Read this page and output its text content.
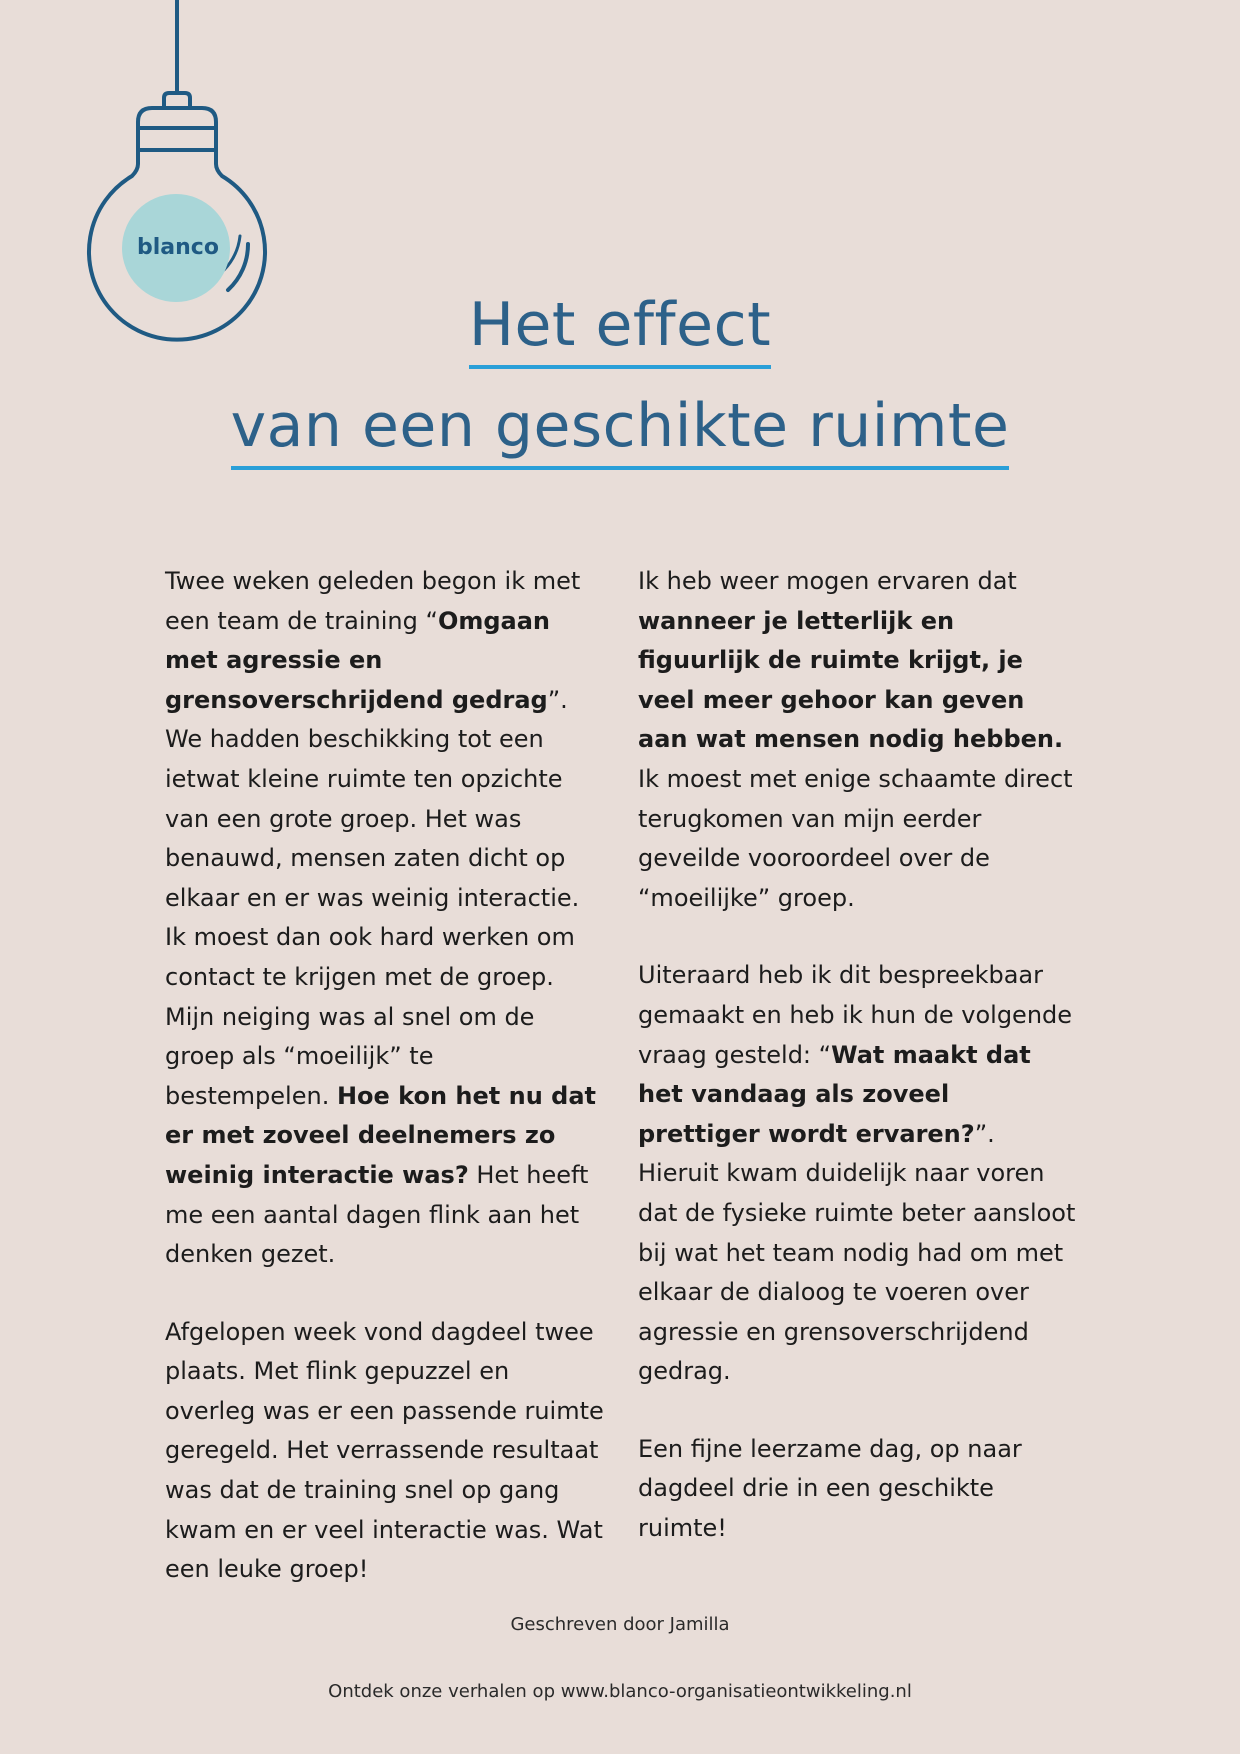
blanco
Het effect
van een geschikte ruimte

Twee weken geleden begon ik met een team de training “Omgaan met agressie en grensoverschrijdend gedrag”. We hadden beschikking tot een ietwat kleine ruimte ten opzichte van een grote groep. Het was benauwd, mensen zaten dicht op elkaar en er was weinig interactie. Ik moest dan ook hard werken om contact te krijgen met de groep. Mijn neiging was al snel om de groep als “moeilijk” te bestempelen. Hoe kon het nu dat er met zoveel deelnemers zo weinig interactie was? Het heeft me een aantal dagen flink aan het denken gezet.

Afgelopen week vond dagdeel twee plaats. Met flink gepuzzel en overleg was er een passende ruimte geregeld. Het verrassende resultaat was dat de training snel op gang kwam en er veel interactie was. Wat een leuke groep!

Ik heb weer mogen ervaren dat wanneer je letterlijk en figuurlijk de ruimte krijgt, je veel meer gehoor kan geven aan wat mensen nodig hebben. Ik moest met enige schaamte direct terugkomen van mijn eerder geveilde vooroordeel over de “moeilijke” groep.

Uiteraard heb ik dit bespreekbaar gemaakt en heb ik hun de volgende vraag gesteld: “Wat maakt dat het vandaag als zoveel prettiger wordt ervaren?”. Hieruit kwam duidelijk naar voren dat de fysieke ruimte beter aansloot bij wat het team nodig had om met elkaar de dialoog te voeren over agressie en grensoverschrijdend gedrag.

Een fijne leerzame dag, op naar dagdeel drie in een geschikte ruimte!

Geschreven door Jamilla
Ontdek onze verhalen op www.blanco-organisatieontwikkeling.nl
